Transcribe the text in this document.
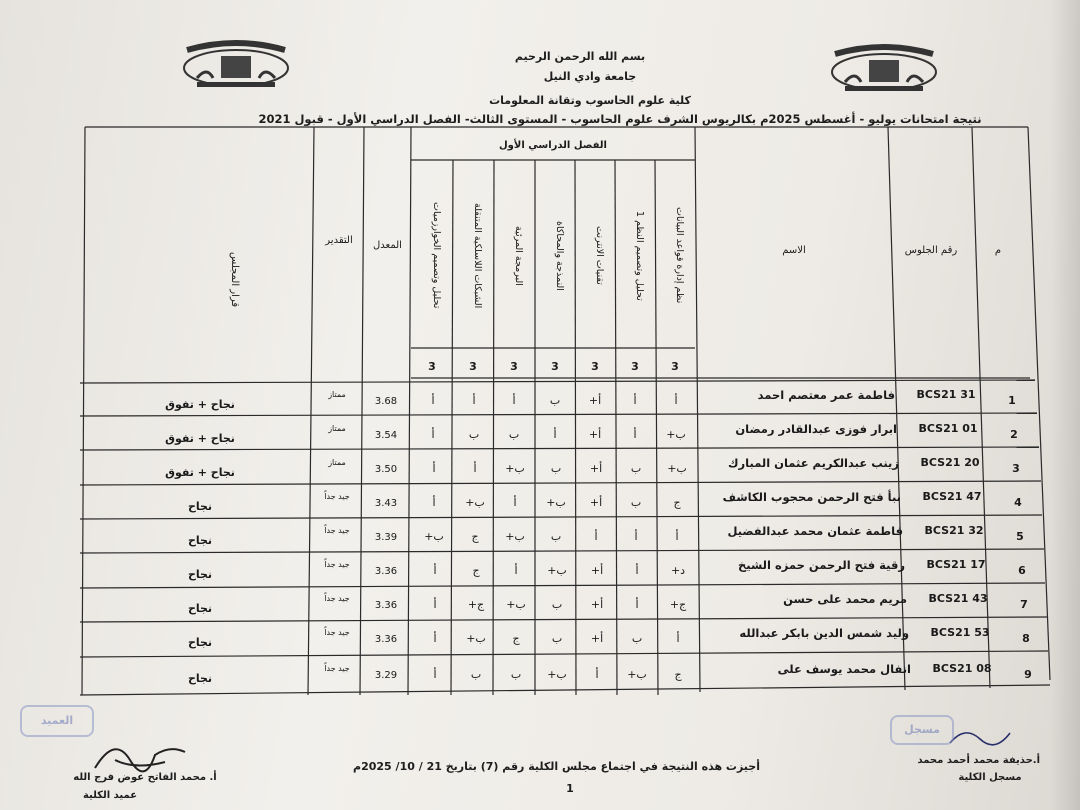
بسم الله الرحمن الرحيم
جامعة وادي النيل
كلية علوم الحاسوب وتقانة المعلومات
نتيجة امتحانات يوليو - أغسطس 2025م بكالريوس الشرف علوم الحاسوب - المستوى الثالث- الفصل الدراسي الأول - قبول 2021
م
رقم الجلوس
الاسم
الفصل الدراسي الأول
المعدل
التقدير
قرار المجلس	نظم إدارة قواعد البيانات
تحليل وتصميم النظم 1
تقنيات الانترنت
النمذجة والمحاكاة
البرمجة المرئية
الشبكات اللاسلكية المتنقلة
تحليل وتصميم الخوارزميات
3
3
3
3
3
3
3
1
BCS21 31
فاطمة عمر معتصم احمد
أ
أ
أ+
ب
أ
أ
أ
3.68
ممتاز
نجاح + تفوق
2
BCS21 01
ابرار فوزى عبدالقادر رمضان
ب+
أ
أ+
أ
ب
ب
أ
3.54
ممتاز
نجاح + تفوق
3
BCS21 20
زينب عبدالكريم عثمان المبارك
ب+
ب
أ+
ب
ب+
أ
أ
3.50
ممتاز
نجاح + تفوق
4
BCS21 47
نبأ فتح الرحمن محجوب الكاشف
ج
ب
أ+
ب+
أ
ب+
أ
3.43
جيد جداً
نجاح
5
BCS21 32
فاطمة عثمان محمد عبدالفضيل
أ
أ
أ
ب
ب+
ج
ب+
3.39
جيد جداً
نجاح
6
BCS21 17
رقية فتح الرحمن حمزه الشيخ
د+
أ
أ+
ب+
أ
ج
أ
3.36
جيد جداً
نجاح
7
BCS21 43
مريم محمد على حسن
ج+
أ
أ+
ب
ب+
ج+
أ
3.36
جيد جداً
نجاح
8
BCS21 53
وليد شمس الدين بابكر عبدالله
أ
ب
أ+
ب
ج
ب+
أ
3.36
جيد جداً
نجاح
9
BCS21 08
انفال محمد يوسف على
ج
ب+
أ
ب+
ب
ب
أ
3.29
جيد جداً
نجاح
أجيزت هذه النتيجة في اجتماع مجلس الكلية رقم (7) بتاريخ 21 / 10/ 2025م
1
أ.حذيفة محمد أحمد محمد
مسجل الكلية
أ. محمد الفاتح عوض فرج الله
عميد الكلية
العميد
مسجل
